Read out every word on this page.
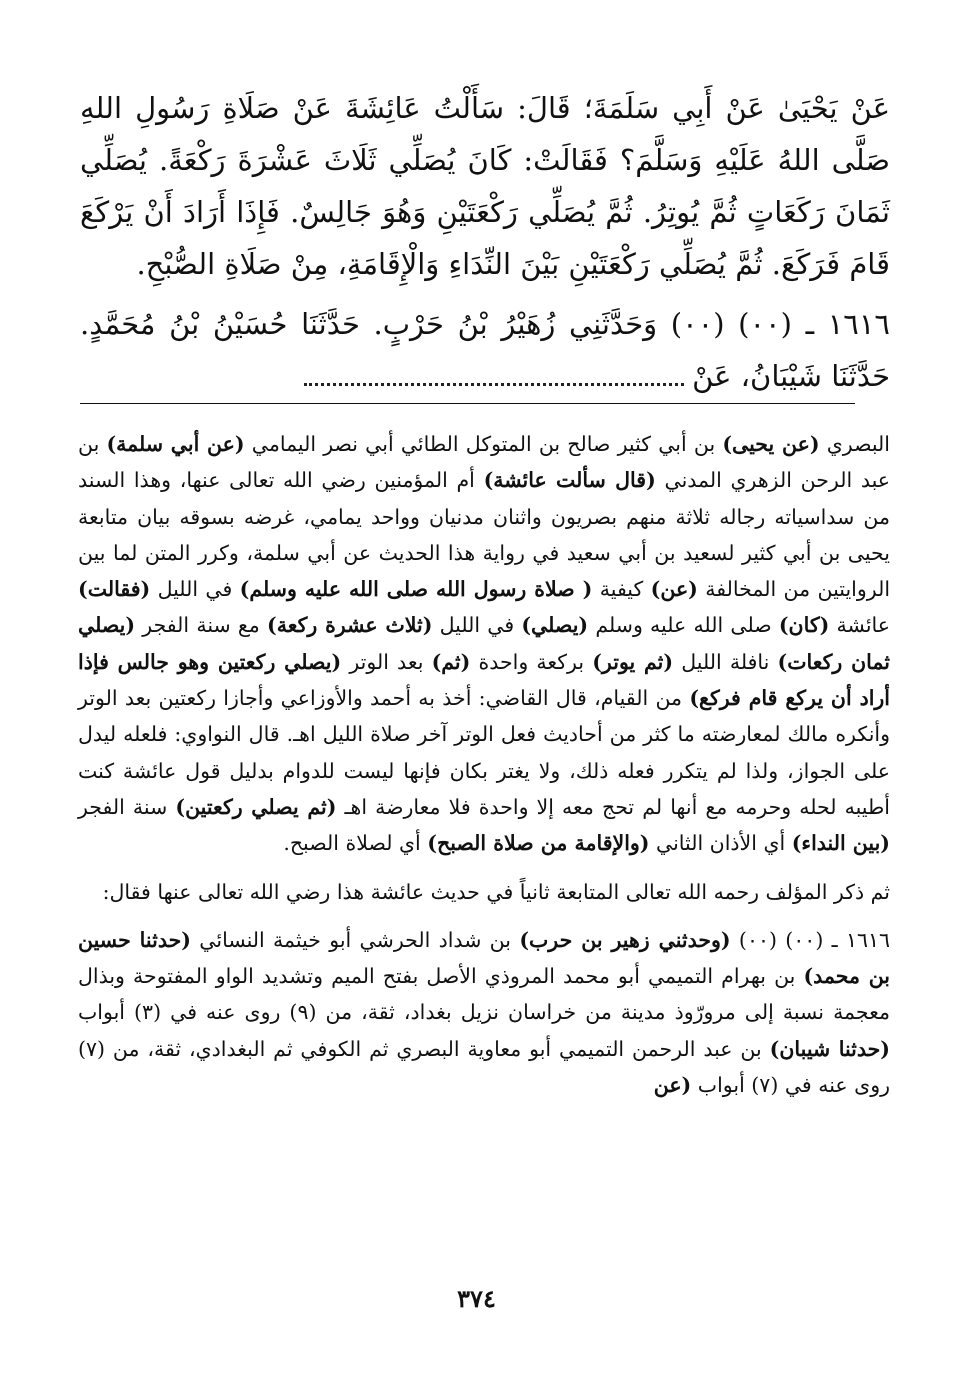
عَنْ يَحْيَىٰ عَنْ أَبِي سَلَمَةَ؛ قَالَ: سَأَلْتُ عَائِشَةَ عَنْ صَلَاةِ رَسُولِ اللهِ صَلَّى اللهُ عَلَيْهِ وَسَلَّمَ؟ فَقَالَتْ: كَانَ يُصَلِّي ثَلَاثَ عَشْرَةَ رَكْعَةً. يُصَلِّي ثَمَانَ رَكَعَاتٍ ثُمَّ يُوتِرُ. ثُمَّ يُصَلِّي رَكْعَتَيْنِ وَهُوَ جَالِسٌ. فَإِذَا أَرَادَ أَنْ يَرْكَعَ قَامَ فَرَكَعَ. ثُمَّ يُصَلِّي رَكْعَتَيْنِ بَيْنَ النِّدَاءِ وَالْإِقَامَةِ، مِنْ صَلَاةِ الصُّبْحِ.

١٦١٦ ـ (٠٠) (٠٠) وَحَدَّثَنِي زُهَيْرُ بْنُ حَرْبٍ. حَدَّثَنَا حُسَيْنُ بْنُ مُحَمَّدٍ. حَدَّثَنَا شَيْبَانُ، عَنْ

البصري (عن يحيى) بن أبي كثير صالح بن المتوكل الطائي أبي نصر اليمامي (عن أبي سلمة) بن عبد الرحن الزهري المدني (قال سألت عائشة) أم المؤمنين رضي الله تعالى عنها، وهذا السند من سداسياته رجاله ثلاثة منهم بصريون واثنان مدنيان وواحد يمامي، غرضه بسوقه بيان متابعة يحيى بن أبي كثير لسعيد بن أبي سعيد في رواية هذا الحديث عن أبي سلمة، وكرر المتن لما بين الروايتين من المخالفة (عن) كيفية ( صلاة رسول الله صلى الله عليه وسلم) في الليل (فقالت) عائشة (كان) صلى الله عليه وسلم (يصلي) في الليل (ثلاث عشرة ركعة) مع سنة الفجر (يصلي ثمان ركعات) نافلة الليل (ثم يوتر) بركعة واحدة (ثم) بعد الوتر (يصلي ركعتين وهو جالس فإذا أراد أن يركع قام فركع) من القيام، قال القاضي: أخذ به أحمد والأوزاعي وأجازا ركعتين بعد الوتر وأنكره مالك لمعارضته ما كثر من أحاديث فعل الوتر آخر صلاة الليل اهـ. قال النواوي: فلعله ليدل على الجواز، ولذا لم يتكرر فعله ذلك، ولا يغتر بكان فإنها ليست للدوام بدليل قول عائشة كنت أطيبه لحله وحرمه مع أنها لم تحج معه إلا واحدة فلا معارضة اهـ (ثم يصلي ركعتين) سنة الفجر (بين النداء) أي الأذان الثاني (والإقامة من صلاة الصبح) أي لصلاة الصبح.

ثم ذكر المؤلف رحمه الله تعالى المتابعة ثانياً في حديث عائشة هذا رضي الله تعالى عنها فقال:

١٦١٦ ـ (٠٠) (٠٠) (وحدثني زهير بن حرب) بن شداد الحرشي أبو خيثمة النسائي (حدثنا حسين بن محمد) بن بهرام التميمي أبو محمد المروذي الأصل بفتح الميم وتشديد الواو المفتوحة وبذال معجمة نسبة إلى مرورّوذ مدينة من خراسان نزيل بغداد، ثقة، من (٩) روى عنه في (٣) أبواب (حدثنا شيبان) بن عبد الرحمن التميمي أبو معاوية البصري ثم الكوفي ثم البغدادي، ثقة، من (٧) روى عنه في (٧) أبواب (عن

٣٧٤
